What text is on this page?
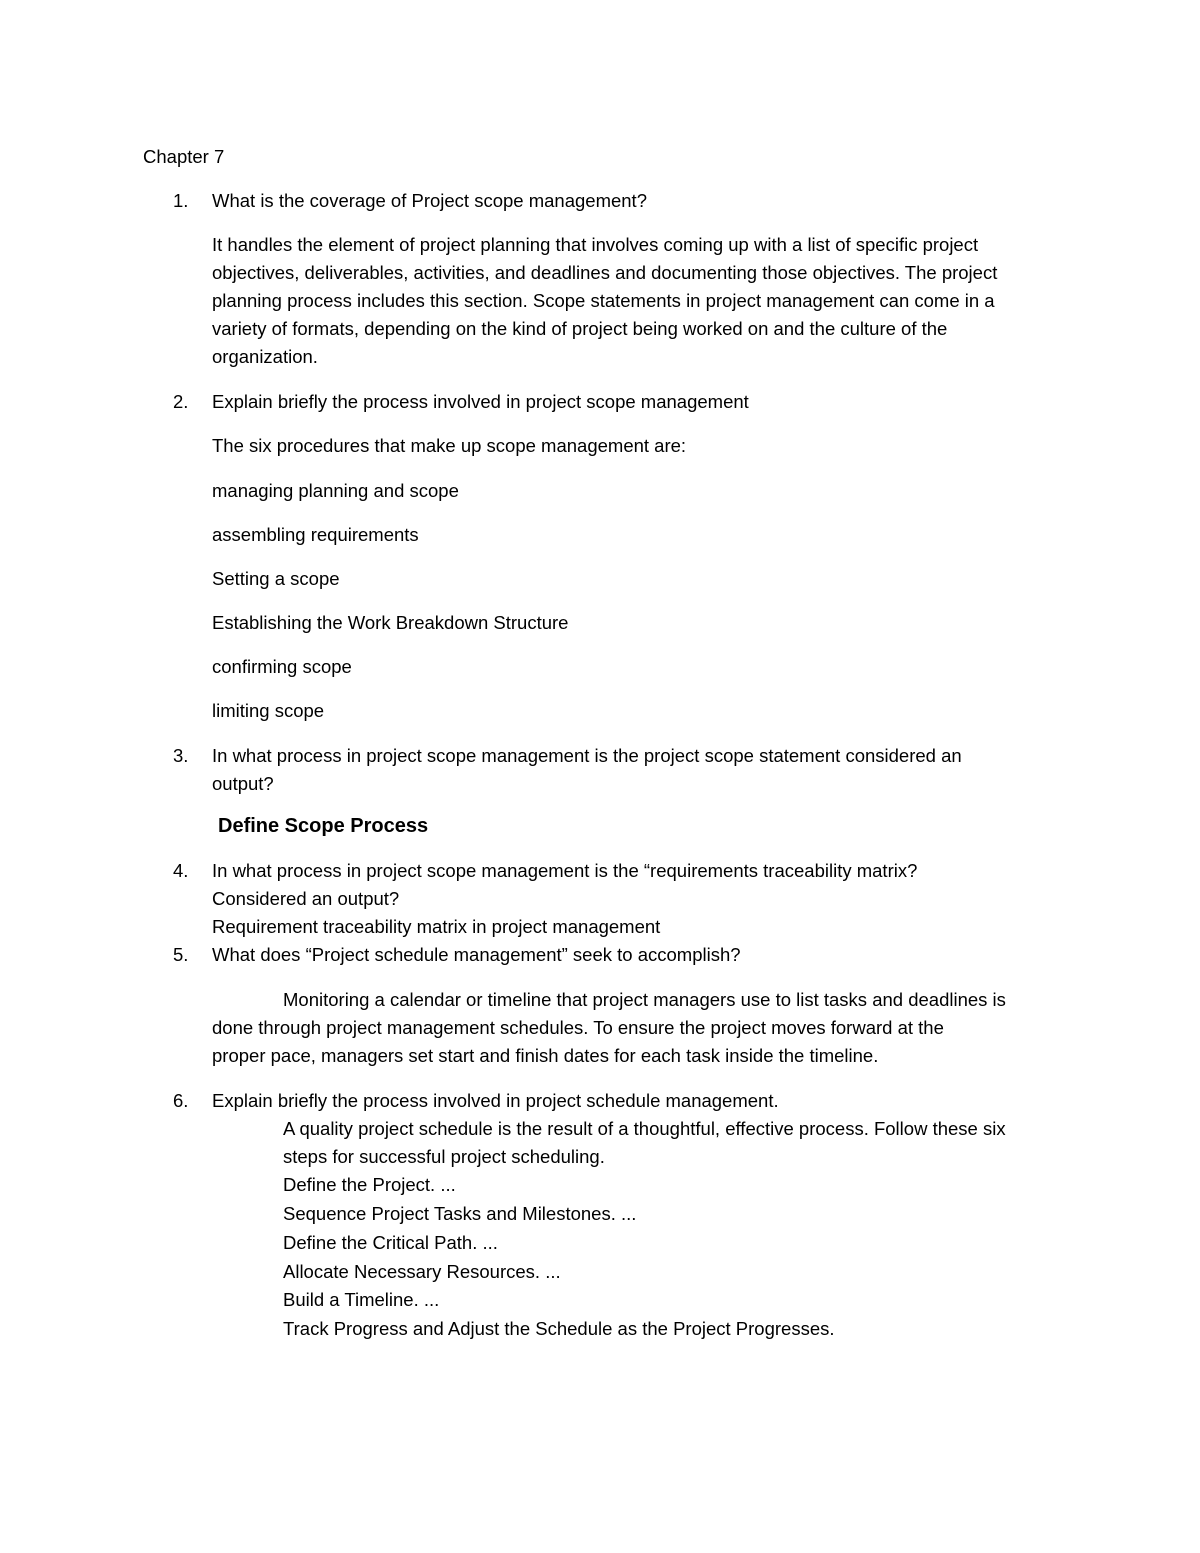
Chapter 7
1. What is the coverage of Project scope management?
It handles the element of project planning that involves coming up with a list of specific project
objectives, deliverables, activities, and deadlines and documenting those objectives. The project
planning process includes this section. Scope statements in project management can come in a
variety of formats, depending on the kind of project being worked on and the culture of the
organization.
2. Explain briefly the process involved in project scope management
The six procedures that make up scope management are:
managing planning and scope
assembling requirements
Setting a scope
Establishing the Work Breakdown Structure
confirming scope
limiting scope
3. In what process in project scope management is the project scope statement considered an
output?
Define Scope Process
4. In what process in project scope management is the “requirements traceability matrix?
Considered an output?
Requirement traceability matrix in project management
5. What does “Project schedule management” seek to accomplish?
Monitoring a calendar or timeline that project managers use to list tasks and deadlines is
done through project management schedules. To ensure the project moves forward at the
proper pace, managers set start and finish dates for each task inside the timeline.
6. Explain briefly the process involved in project schedule management.
A quality project schedule is the result of a thoughtful, effective process. Follow these six
steps for successful project scheduling.
Define the Project. ...
Sequence Project Tasks and Milestones. ...
Define the Critical Path. ...
Allocate Necessary Resources. ...
Build a Timeline. ...
Track Progress and Adjust the Schedule as the Project Progresses.
